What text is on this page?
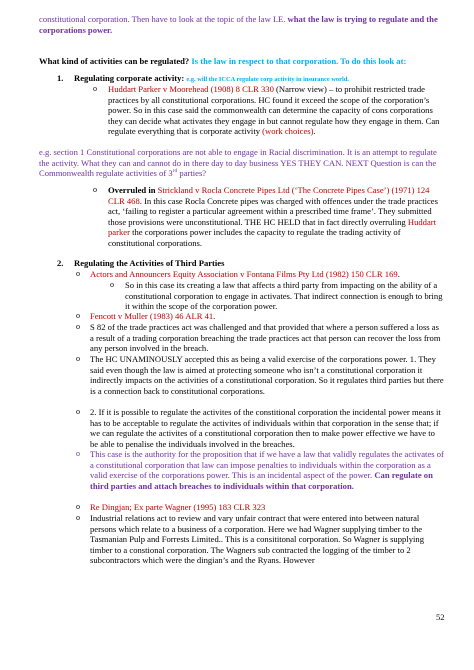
constitutional corporation. Then have to look at the topic of the law I.E. what the law is trying to regulate and the corporations power.

What kind of activities can be regulated? Is the law in respect to that corporation. To do this look at:

1. Regulating corporate activity: e.g. will the ICCA regulate corp activity in insurance world.

o Huddart Parker v Moorehead (1908) 8 CLR 330 (Narrow view) – to prohibit restricted trade practices by all constitutional corporations. HC found it exceed the scope of the corporation’s power. So in this case said the commonwealth can determine the capacity of cons corporations they can decide what activates they engage in but cannot regulate how they engage in them. Can regulate everything that is corporate activity (work choices).

e.g. section 1 Constitutional corporations are not able to engage in Racial discrimination. It is an attempt to regulate the activity. What they can and cannot do in there day to day business YES THEY CAN. NEXT Question is can the Commonwealth regulate activities of 3rd parties?

o Overruled in Strickland v Rocla Concrete Pipes Ltd (‘The Concrete Pipes Case’) (1971) 124 CLR 468. In this case Rocla Concrete pipes was charged with offences under the trade practices act, ‘failing to register a particular agreement within a prescribed time frame’. They submitted those provisions were unconstitutional. THE HC HELD that in fact directly overruling Huddart parker the corporations power includes the capacity to regulate the trading activity of constitutional corporations.

2. Regulating the Activities of Third Parties

o Actors and Announcers Equity Association v Fontana Films Pty Ltd (1982) 150 CLR 169.

o So in this case its creating a law that affects a third party from impacting on the ability of a constitutional corporation to engage in activates. That indirect connection is enough to bring it within the scope of the corporation power.

o Fencott v Muller (1983) 46 ALR 41.

o S 82 of the trade practices act was challenged and that provided that where a person suffered a loss as a result of a trading corporation breaching the trade practices act that person can recover the loss from any person involved in the breach.

o The HC UNAMINOUSLY accepted this as being a valid exercise of the corporations power. 1. They said even though the law is aimed at protecting someone who isn’t a constitutional corporation it indirectly impacts on the activities of a constitutional corporation. So it regulates third parties but there is a connection back to constitutional corporations.

o 2. If it is possible to regulate the activites of the constitional corporation the incidental power means it has to be acceptable to regulate the activites of individuals within that corporation in the sense that; if we can regulate the activites of a constitutional corporation then to make power effective we have to be able to penalise the individuals involved in the breaches.

o This case is the authority for the proposition that if we have a law that validly regulates the activates of a constitutional corporation that law can impose penalties to individuals within the corporation as a valid exercise of the corporations power. This is an incidental aspect of the power. Can regulate on third parties and attach breaches to individuals within that corporation.

o Re Dingjan; Ex parte Wagner (1995) 183 CLR 323

o Industrial relations act to review and vary unfair contract that were entered into between natural persons which relate to a business of a corporation. Here we had Wagner supplying timber to the Tasmanian Pulp and Forrests Limited.. This is a consititonal corporation. So Wagner is supplying timber to a constional corporation. The Wagners sub contracted the logging of the timber to 2 subcontractors which were the dingian’s and the Ryans. However

52
